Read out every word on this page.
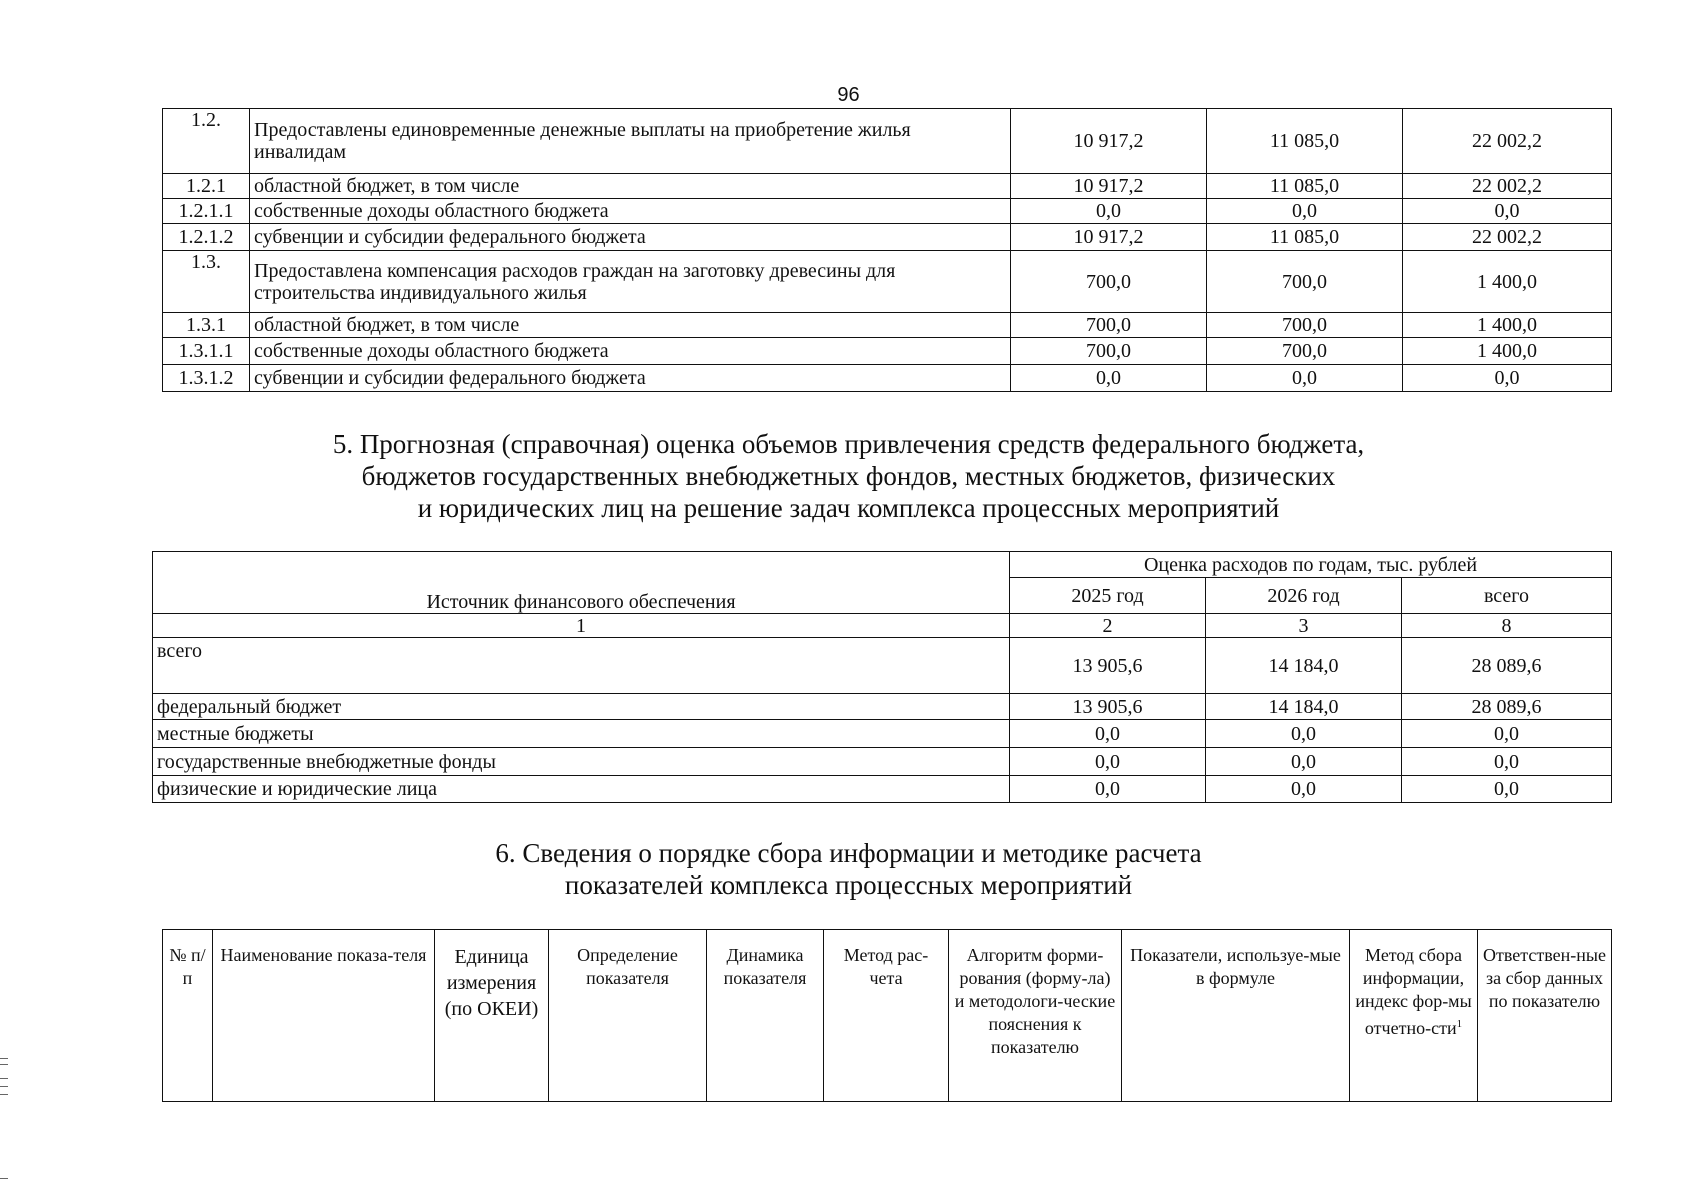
96
1.2.	Предоставлены единовременные денежные выплаты на приобретение жилья инвалидам	10 917,2	11 085,0	22 002,2
1.2.1	областной бюджет, в том числе	10 917,2	11 085,0	22 002,2
1.2.1.1	собственные доходы областного бюджета	0,0	0,0	0,0
1.2.1.2	субвенции и субсидии федерального бюджета	10 917,2	11 085,0	22 002,2
1.3.	Предоставлена компенсация расходов граждан на заготовку древесины для строительства индивидуального жилья	700,0	700,0	1 400,0
1.3.1	областной бюджет, в том числе	700,0	700,0	1 400,0
1.3.1.1	собственные доходы областного бюджета	700,0	700,0	1 400,0
1.3.1.2	субвенции и субсидии федерального бюджета	0,0	0,0	0,0
5. Прогнозная (справочная) оценка объемов привлечения средств федерального бюджета,
бюджетов государственных внебюджетных фондов, местных бюджетов, физических
и юридических лиц на решение задач комплекса процессных мероприятий
Источник финансового обеспечения	Оценка расходов по годам, тыс. рублей		
	2025 год	2026 год	всего
1	2	3	8
всего	13 905,6	14 184,0	28 089,6
федеральный бюджет	13 905,6	14 184,0	28 089,6
местные бюджеты	0,0	0,0	0,0
государственные внебюджетные фонды	0,0	0,0	0,0
физические и юридические лица	0,0	0,0	0,0
6. Сведения о порядке сбора информации и методике расчета
показателей комплекса процессных мероприятий
№ п/п	Наименование показа-теля	Единица измерения (по ОКЕИ)	Определение показателя	Динамика показателя	Метод рас-чета	Алгоритм форми-рования (форму-ла) и методологи-ческие пояснения к показателю	Показатели, используе-мые в формуле	Метод сбора информации, индекс фор-мы отчетно-сти$^1$	Ответствен-ные за сбор данных по показателю
